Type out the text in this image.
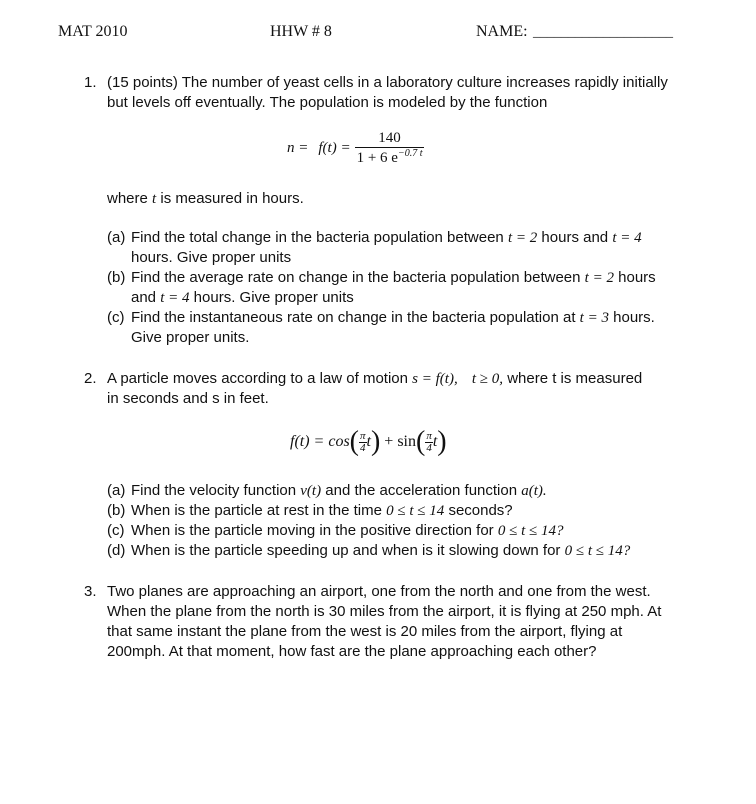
MAT 2010	HHW # 8	NAME: ____________________
1. (15 points) The number of yeast cells in a laboratory culture increases rapidly initially
but levels off eventually. The population is modeled by the function
$n = f(t) = \frac{140}{1 + 6 e^{-0.7 t}}$
where t is measured in hours.
(a) Find the total change in the bacteria population between t = 2 hours and t = 4
hours. Give proper units
(b) Find the average rate on change in the bacteria population between t = 2 hours
and t = 4 hours. Give proper units
(c) Find the instantaneous rate on change in the bacteria population at t = 3 hours.
Give proper units.
2. A particle moves according to a law of motion s = f(t), t ≥ 0, where t is measured
in seconds and s in feet.
$f(t) = \cos( \frac{\pi}{4} t) + \sin( \frac{\pi}{4} t)$
(a) Find the velocity function v(t) and the acceleration function a(t).
(b) When is the particle at rest in the time 0 ≤ t ≤ 14 seconds?
(c) When is the particle moving in the positive direction for 0 ≤ t ≤ 14?
(d) When is the particle speeding up and when is it slowing down for 0 ≤ t ≤ 14?
3. Two planes are approaching an airport, one from the north and one from the west.
When the plane from the north is 30 miles from the airport, it is flying at 250 mph. At
that same instant the plane from the west is 20 miles from the airport, flying at
200mph. At that moment, how fast are the plane approaching each other?
